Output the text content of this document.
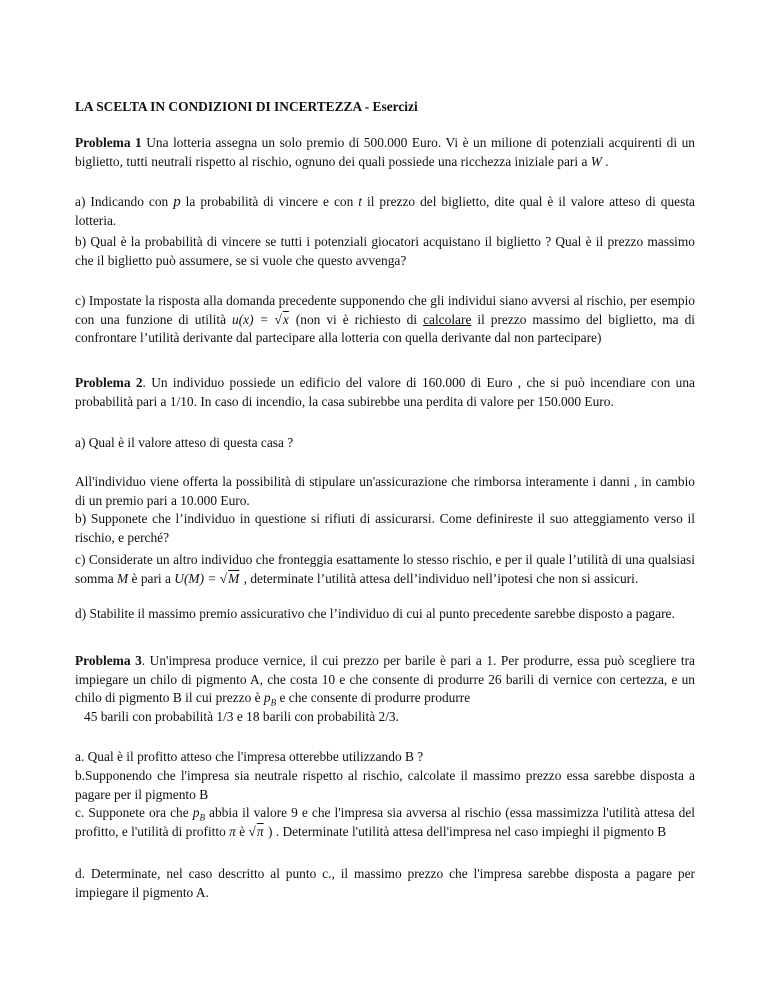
LA SCELTA IN CONDIZIONI DI INCERTEZZA - Esercizi

Problema 1 Una lotteria assegna un solo premio di 500.000 Euro. Vi è un milione di potenziali acquirenti di un biglietto, tutti neutrali rispetto al rischio, ognuno dei quali possiede una ricchezza iniziale pari a W .

a) Indicando con p la probabilità di vincere e con t il prezzo del biglietto, dite qual è il valore atteso di questa lotteria.

b) Qual è la probabilità di vincere se tutti i potenziali giocatori acquistano il biglietto ? Qual è il prezzo massimo che il biglietto può assumere, se si vuole che questo avvenga?

c) Impostate la risposta alla domanda precedente supponendo che gli individui siano avversi al rischio, per esempio con una funzione di utilità u(x) = √x (non vi è richiesto di calcolare il prezzo massimo del biglietto, ma di confrontare l’utilità derivante dal partecipare alla lotteria con quella derivante dal non partecipare)

Problema 2. Un individuo possiede un edificio del valore di 160.000 di Euro , che si può incendiare con una probabilità pari a 1/10. In caso di incendio, la casa subirebbe una perdita di valore per 150.000 Euro.

a) Qual è il valore atteso di questa casa ?

All'individuo viene offerta la possibilità di stipulare un'assicurazione che rimborsa interamente i danni , in cambio di un premio pari a 10.000 Euro.

b) Supponete che l’individuo in questione si rifiuti di assicurarsi. Come definireste il suo atteggiamento verso il rischio, e perché?

c) Considerate un altro individuo che fronteggia esattamente lo stesso rischio, e per il quale l’utilità di una qualsiasi somma M è pari a U(M) = √M , determinate l’utilità attesa dell’individuo nell’ipotesi che non si assicuri.

d) Stabilite il massimo premio assicurativo che l’individuo di cui al punto precedente sarebbe disposto a pagare.

Problema 3. Un'impresa produce vernice, il cui prezzo per barile è pari a 1. Per produrre, essa può scegliere tra impiegare un chilo di pigmento A, che costa 10 e che consente di produrre 26 barili di vernice con certezza, e un chilo di pigmento B il cui prezzo è $p_B$ e che consente di produrre produrre

45 barili con probabilità 1/3 e 18 barili con probabilità 2/3.

a. Qual è il profitto atteso che l'impresa otterebbe utilizzando B ?

b.Supponendo che l'impresa sia neutrale rispetto al rischio, calcolate il massimo prezzo essa sarebbe disposta a pagare per il pigmento B

c. Supponete ora che $p_B$ abbia il valore 9 e che l'impresa sia avversa al rischio (essa massimizza l'utilità attesa del profitto, e l'utilità di profitto π è √π ) . Determinate l'utilità attesa dell'impresa nel caso impieghi il pigmento B

d. Determinate, nel caso descritto al punto c., il massimo prezzo che l'impresa sarebbe disposta a pagare per impiegare il pigmento A.
